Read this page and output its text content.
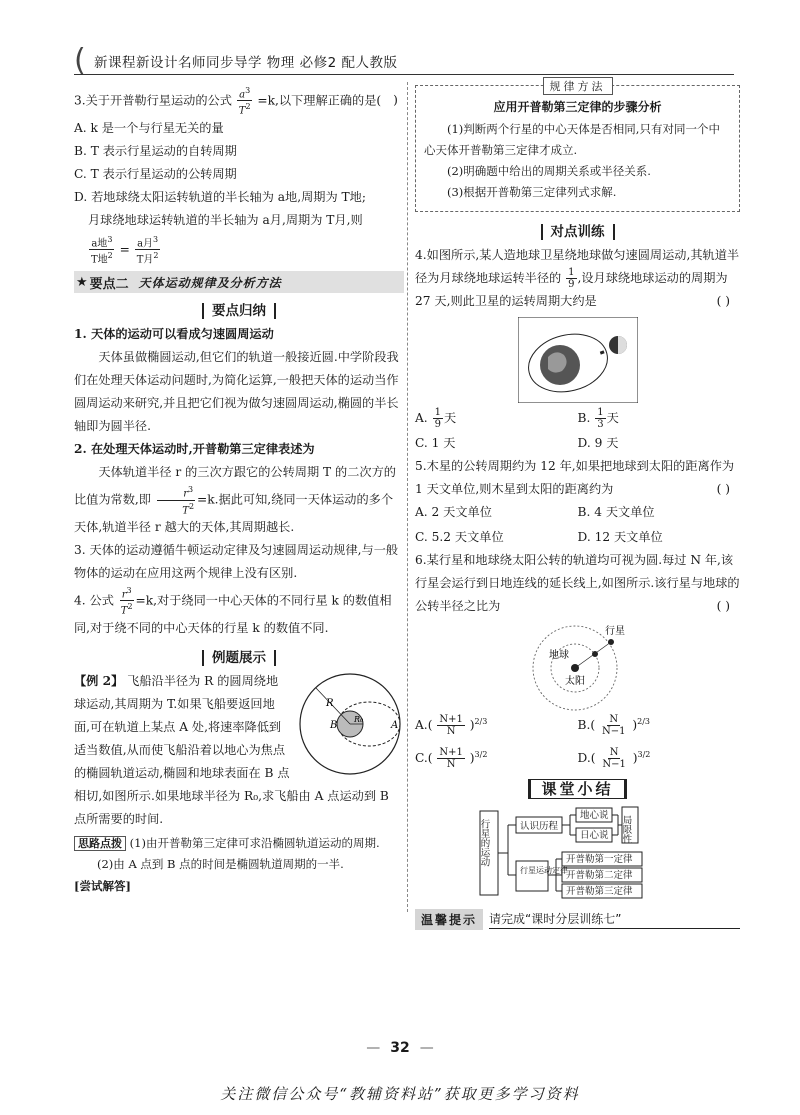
( 新课程新设计名师同步导学 物理 必修2 配人教版

3.关于开普勒行星运动的公式 $\frac{a^3}{T^2} =k$,以下理解正确的是( )

A. k 是一个与行星无关的量

B. T 表示行星运动的自转周期

C. T 表示行星运动的公转周期

D. 若地球绕太阳运转轨道的半长轴为 a地,周期为 T地;

月球绕地球运转轨道的半长轴为 a月,周期为 T月,则

$\frac{a地^3}{T地^2} = \frac{a月^3}{T月^2}$

★ 要点二 天体运动规律及分析方法
要点归纳

1. 天体的运动可以看成匀速圆周运动

天体虽做椭圆运动,但它们的轨道一般接近圆.中学阶段我们在处理天体运动问题时,为简化运算,一般把天体的运动当作圆周运动来研究,并且把它们视为做匀速圆周运动,椭圆的半长轴即为圆半径.

2. 在处理天体运动时,开普勒第三定律表述为

天体轨道半径 r 的三次方跟它的公转周期 T 的二次方的比值为常数,即 $\frac{r^3}{T^2} =k$.据此可知,绕同一天体运动的多个天体,轨道半径 r 越大的天体,其周期越长.

3. 天体的运动遵循牛顿运动定律及匀速圆周运动规律,与一般物体的运动在应用这两个规律上没有区别.

4. 公式 $\frac{r^3}{T^2} =k$,对于绕同一中心天体的不同行星 k 的数值相同,对于绕不同的中心天体的行星 k 的数值不同.

例题展示
R
B
R₀
A

【例 2】 飞船沿半径为 R 的圆周绕地球运动,其周期为 T.如果飞船要返回地面,可在轨道上某点 A 处,将速率降低到适当数值,从而使飞船沿着以地心为焦点的椭圆轨道运动,椭圆和地球表面在 B 点相切,如图所示.如果地球半径为 R₀,求飞船由 A 点运动到 B 点所需要的时间.

思路点拨 (1)由开普勒第三定律可求沿椭圆轨道运动的周期.

(2)由 A 点到 B 点的时间是椭圆轨道周期的一半.

[尝试解答]

规律方法
应用开普勒第三定律的步骤分析

(1)判断两个行星的中心天体是否相同,只有对同一个中心天体开普勒第三定律才成立.

(2)明确题中给出的周期关系或半径关系.

(3)根据开普勒第三定律列式求解.

对点训练

4.如图所示,某人造地球卫星绕地球做匀速圆周运动,其轨道半径为月球绕地球运转半径的 $\frac{1}{9}$ ,设月球绕地球运动的周期为 27 天,则此卫星的运转周期大约是	( )

A. $\frac{1}{9}$ 天	B. $\frac{1}{3}$ 天
C. 1 天	D. 9 天

5.木星的公转周期约为 12 年,如果把地球到太阳的距离作为 1 天文单位,则木星到太阳的距离约为	( )

A. 2 天文单位	B. 4 天文单位
C. 5.2 天文单位	D. 12 天文单位

6.某行星和地球绕太阳公转的轨道均可视为圆.每过 N 年,该行星会运行到日地连线的延长线上,如图所示.该行星与地球的公转半径之比为	( )

地球
行星
太阳
$A.( \frac{N+1}{N} )^{2/3}$	$B.( \frac{N}{N-1} )^{2/3}$
$C.( \frac{N+1}{N} )^{3/2}$	$D.( \frac{N}{N-1} )^{3/2}$
课堂小结
行星的运动	认识历程
地心说
日心说 局限性
行星运动定律
开普勒第一定律
开普勒第二定律
开普勒第三定律
温馨提示	请完成“课时分层训练七”
— 32 —
关注微信公众号“教辅资料站”获取更多学习资料
